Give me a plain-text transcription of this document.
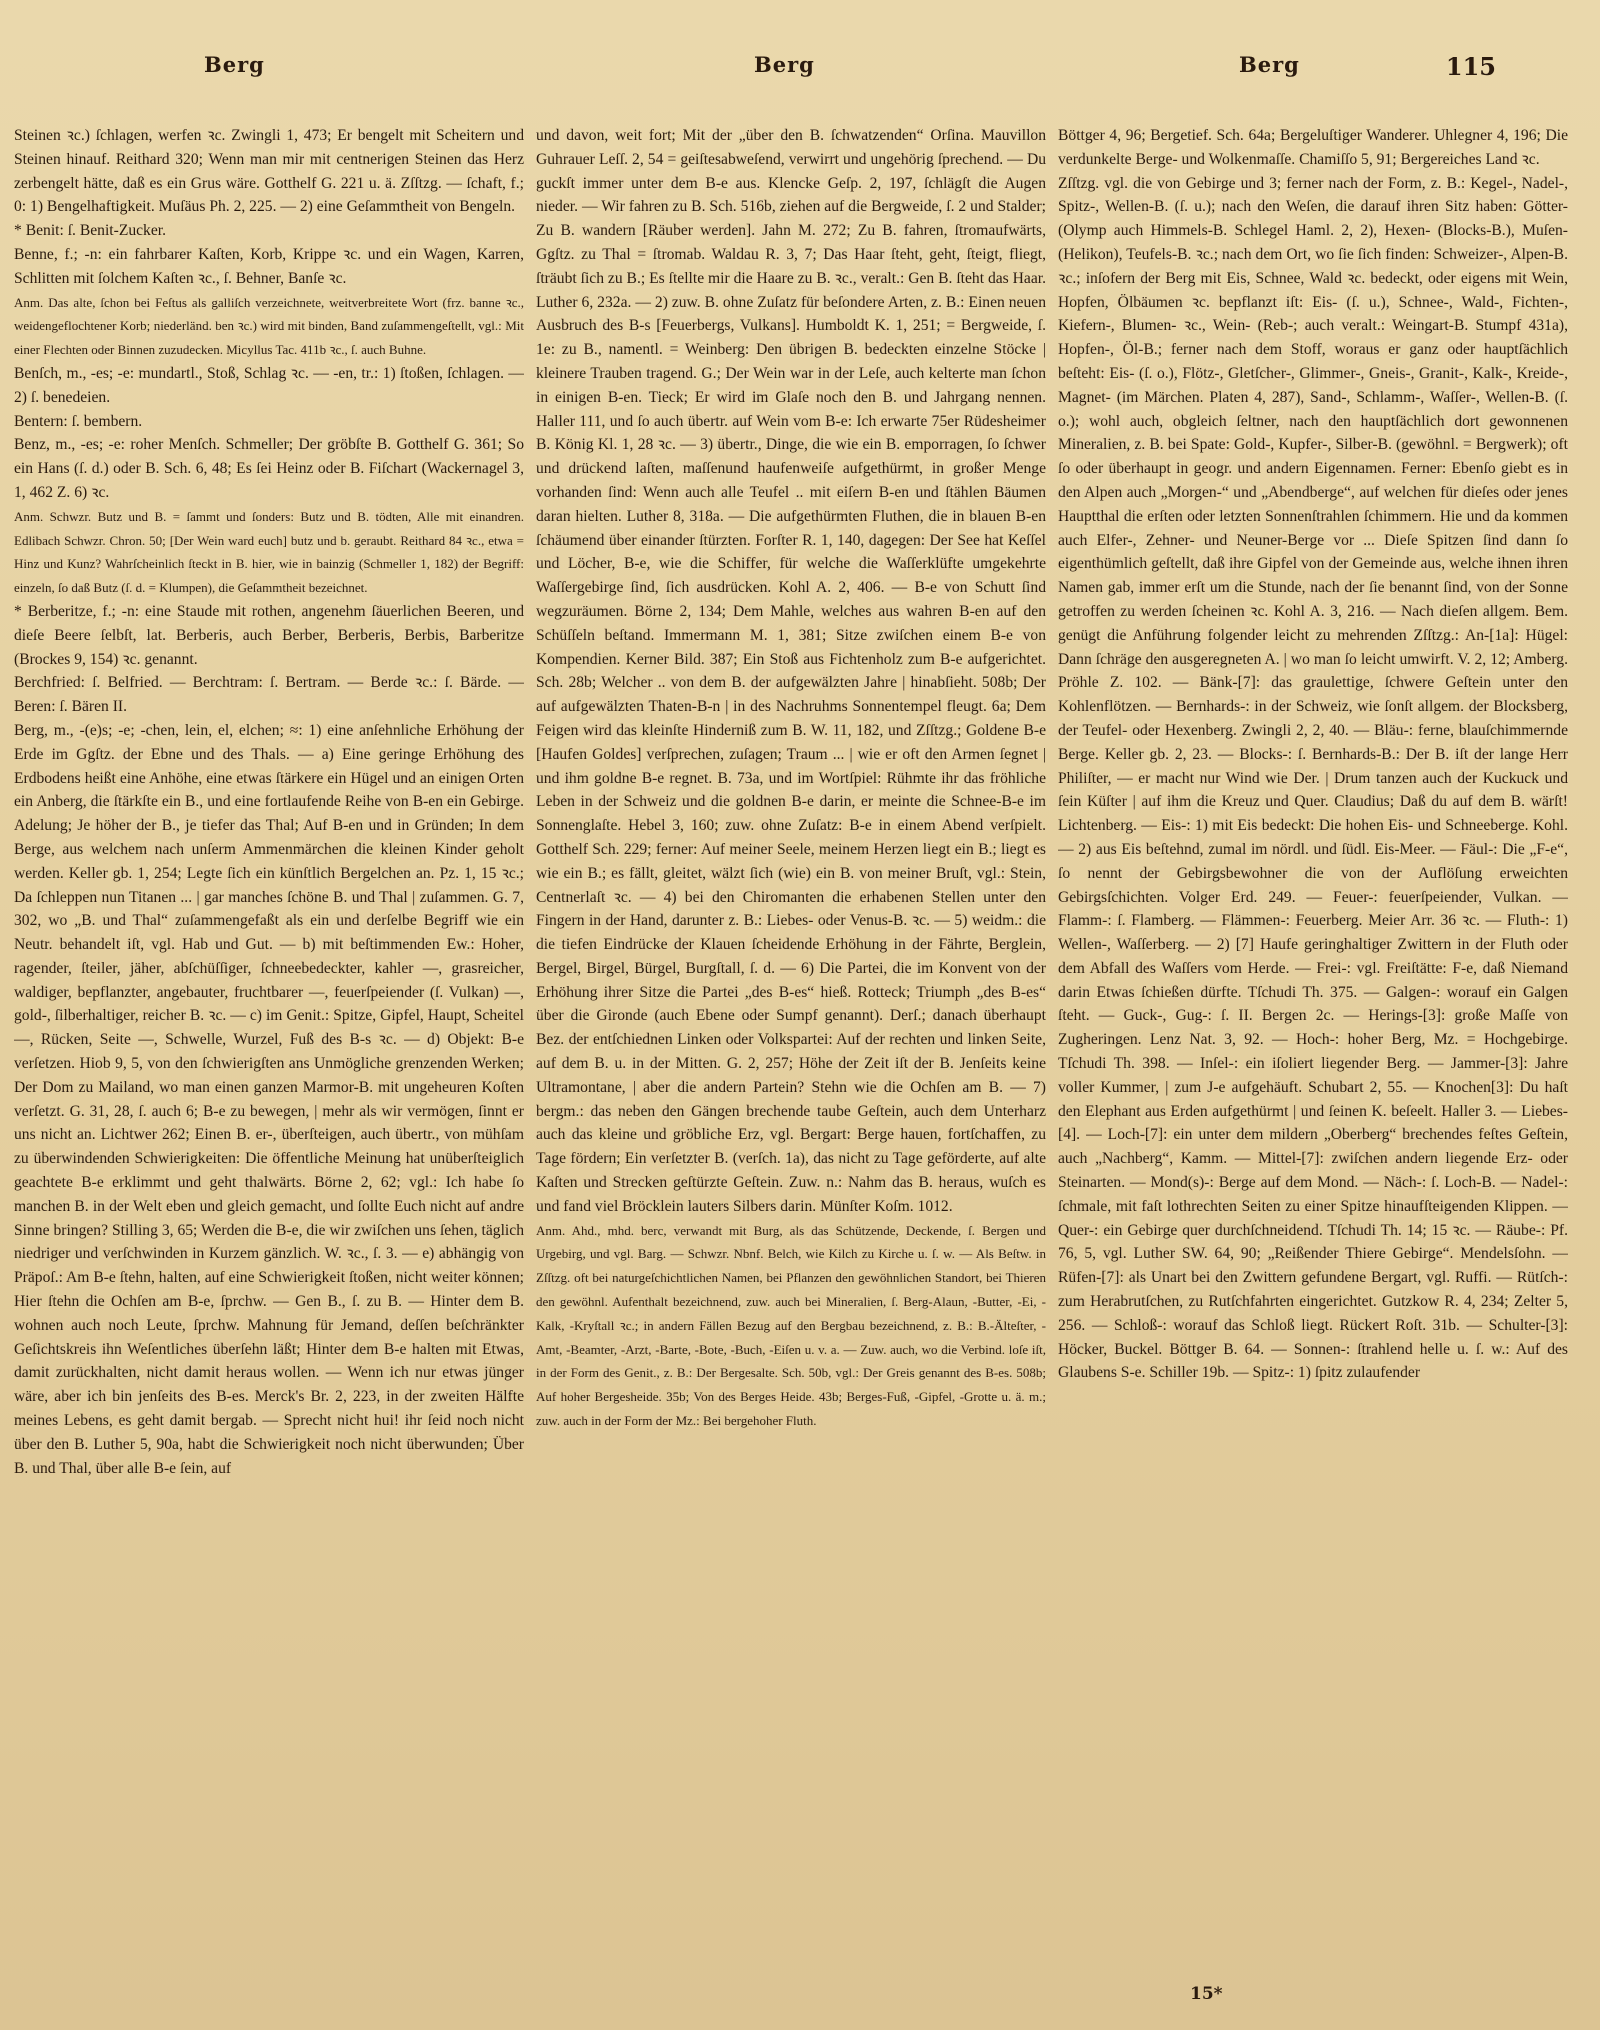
Berg	Berg	Berg	115

Steinen ꝛc.) ſchlagen, werfen ꝛc. Zwingli 1, 473; Er bengelt mit Scheitern und Steinen hinauf. Reithard 320; Wenn man mir mit centnerigen Steinen das Herz zerbengelt hätte, daß es ein Grus wäre. Gotthelf G. 221 u. ä. Zſſtzg. — ſchaft, f.; 0: 1) Bengelhaftigkeit. Muſäus Ph. 2, 225. — 2) eine Geſammtheit von Bengeln.

* Benit: ſ. Benit-Zucker.

Benne, f.; -n: ein fahrbarer Kaſten, Korb, Krippe ꝛc. und ein Wagen, Karren, Schlitten mit ſolchem Kaſten ꝛc., ſ. Behner, Banſe ꝛc.

Anm. Das alte, ſchon bei Feſtus als galliſch verzeichnete, weitverbreitete Wort (frz. banne ꝛc., weidengeflochtener Korb; niederländ. ben ꝛc.) wird mit binden, Band zuſammengeſtellt, vgl.: Mit einer Flechten oder Binnen zuzudecken. Micyllus Tac. 411b ꝛc., ſ. auch Buhne.

Benſch, m., -es; -e: mundartl., Stoß, Schlag ꝛc. — -en, tr.: 1) ſtoßen, ſchlagen. — 2) ſ. benedeien.

Bentern: ſ. bembern.

Benz, m., -es; -e: roher Menſch. Schmeller; Der gröbſte B. Gotthelf G. 361; So ein Hans (ſ. d.) oder B. Sch. 6, 48; Es ſei Heinz oder B. Fiſchart (Wackernagel 3, 1, 462 Z. 6) ꝛc.

Anm. Schwzr. Butz und B. = ſammt und ſonders: Butz und B. tödten, Alle mit einandren. Edlibach Schwzr. Chron. 50; [Der Wein ward euch] butz und b. geraubt. Reithard 84 ꝛc., etwa = Hinz und Kunz? Wahrſcheinlich ſteckt in B. hier, wie in bainzig (Schmeller 1, 182) der Begriff: einzeln, ſo daß Butz (ſ. d. = Klumpen), die Geſammtheit bezeichnet.

* Berberitze, f.; -n: eine Staude mit rothen, angenehm ſäuerlichen Beeren, und dieſe Beere ſelbſt, lat. Berberis, auch Berber, Berberis, Berbis, Barberitze (Brockes 9, 154) ꝛc. genannt.

Berchfried: ſ. Belfried. — Berchtram: ſ. Bertram. — Berde ꝛc.: ſ. Bärde. — Beren: ſ. Bären II.

Berg, m., -(e)s; -e; -chen, lein, el, elchen; ≈: 1) eine anſehnliche Erhöhung der Erde im Ggſtz. der Ebne und des Thals. — a) Eine geringe Erhöhung des Erdbodens heißt eine Anhöhe, eine etwas ſtärkere ein Hügel und an einigen Orten ein Anberg, die ſtärkſte ein B., und eine fortlaufende Reihe von B-en ein Gebirge. Adelung; Je höher der B., je tiefer das Thal; Auf B-en und in Gründen; In dem Berge, aus welchem nach unſerm Ammenmärchen die kleinen Kinder geholt werden. Keller gb. 1, 254; Legte ſich ein künſtlich Bergelchen an. Pz. 1, 15 ꝛc.; Da ſchleppen nun Titanen ... | gar manches ſchöne B. und Thal | zuſammen. G. 7, 302, wo „B. und Thal“ zuſammengefaßt als ein und derſelbe Begriff wie ein Neutr. behandelt iſt, vgl. Hab und Gut. — b) mit beſtimmenden Ew.: Hoher, ragender, ſteiler, jäher, abſchüſſiger, ſchneebedeckter, kahler —, grasreicher, waldiger, bepflanzter, angebauter, fruchtbarer —, feuerſpeiender (ſ. Vulkan) —, gold-, ſilberhaltiger, reicher B. ꝛc. — c) im Genit.: Spitze, Gipfel, Haupt, Scheitel —, Rücken, Seite —, Schwelle, Wurzel, Fuß des B-s ꝛc. — d) Objekt: B-e verſetzen. Hiob 9, 5, von den ſchwierigſten ans Unmögliche grenzenden Werken; Der Dom zu Mailand, wo man einen ganzen Marmor-B. mit ungeheuren Koſten verſetzt. G. 31, 28, ſ. auch 6; B-e zu bewegen, | mehr als wir vermögen, ſinnt er uns nicht an. Lichtwer 262; Einen B. er-, überſteigen, auch übertr., von mühſam zu überwindenden Schwierigkeiten: Die öffentliche Meinung hat unüberſteiglich geachtete B-e erklimmt und geht thalwärts. Börne 2, 62; vgl.: Ich habe ſo manchen B. in der Welt eben und gleich gemacht, und ſollte Euch nicht auf andre Sinne bringen? Stilling 3, 65; Werden die B-e, die wir zwiſchen uns ſehen, täglich niedriger und verſchwinden in Kurzem gänzlich. W. ꝛc., ſ. 3. — e) abhängig von Präpoſ.: Am B-e ſtehn, halten, auf eine Schwierigkeit ſtoßen, nicht weiter können; Hier ſtehn die Ochſen am B-e, ſprchw. — Gen B., ſ. zu B. — Hinter dem B. wohnen auch noch Leute, ſprchw. Mahnung für Jemand, deſſen beſchränkter Geſichtskreis ihn Weſentliches überſehn läßt; Hinter dem B-e halten mit Etwas, damit zurückhalten, nicht damit heraus wollen. — Wenn ich nur etwas jünger wäre, aber ich bin jenſeits des B-es. Merck's Br. 2, 223, in der zweiten Hälfte meines Lebens, es geht damit bergab. — Sprecht nicht hui! ihr ſeid noch nicht über den B. Luther 5, 90a, habt die Schwierigkeit noch nicht überwunden; Über B. und Thal, über alle B-e ſein, auf

und davon, weit fort; Mit der „über den B. ſchwatzenden“ Orſina. Mauvillon Guhrauer Leſſ. 2, 54 = geiſtesabweſend, verwirrt und ungehörig ſprechend. — Du guckſt immer unter dem B-e aus. Klencke Geſp. 2, 197, ſchlägſt die Augen nieder. — Wir fahren zu B. Sch. 516b, ziehen auf die Bergweide, ſ. 2 und Stalder; Zu B. wandern [Räuber werden]. Jahn M. 272; Zu B. fahren, ſtromaufwärts, Ggſtz. zu Thal = ſtromab. Waldau R. 3, 7; Das Haar ſteht, geht, ſteigt, fliegt, ſträubt ſich zu B.; Es ſtellte mir die Haare zu B. ꝛc., veralt.: Gen B. ſteht das Haar. Luther 6, 232a. — 2) zuw. B. ohne Zuſatz für beſondere Arten, z. B.: Einen neuen Ausbruch des B-s [Feuerbergs, Vulkans]. Humboldt K. 1, 251; = Bergweide, ſ. 1e: zu B., namentl. = Weinberg: Den übrigen B. bedeckten einzelne Stöcke | kleinere Trauben tragend. G.; Der Wein war in der Leſe, auch kelterte man ſchon in einigen B-en. Tieck; Er wird im Glaſe noch den B. und Jahrgang nennen. Haller 111, und ſo auch übertr. auf Wein vom B-e: Ich erwarte 75er Rüdesheimer B. König Kl. 1, 28 ꝛc. — 3) übertr., Dinge, die wie ein B. emporragen, ſo ſchwer und drückend laſten, maſſenund haufenweiſe aufgethürmt, in großer Menge vorhanden ſind: Wenn auch alle Teufel .. mit eiſern B-en und ſtählen Bäumen daran hielten. Luther 8, 318a. — Die aufgethürmten Fluthen, die in blauen B-en ſchäumend über einander ſtürzten. Forſter R. 1, 140, dagegen: Der See hat Keſſel und Löcher, B-e, wie die Schiffer, für welche die Waſſerklüfte umgekehrte Waſſergebirge ſind, ſich ausdrücken. Kohl A. 2, 406. — B-e von Schutt ſind wegzuräumen. Börne 2, 134; Dem Mahle, welches aus wahren B-en auf den Schüſſeln beſtand. Immermann M. 1, 381; Sitze zwiſchen einem B-e von Kompendien. Kerner Bild. 387; Ein Stoß aus Fichtenholz zum B-e aufgerichtet. Sch. 28b; Welcher .. von dem B. der aufgewälzten Jahre | hinabſieht. 508b; Der auf aufgewälzten Thaten-B-n | in des Nachruhms Sonnentempel fleugt. 6a; Dem Feigen wird das kleinſte Hinderniß zum B. W. 11, 182, und Zſſtzg.; Goldene B-e [Haufen Goldes] verſprechen, zuſagen; Traum ... | wie er oft den Armen ſegnet | und ihm goldne B-e regnet. B. 73a, und im Wortſpiel: Rühmte ihr das fröhliche Leben in der Schweiz und die goldnen B-e darin, er meinte die Schnee-B-e im Sonnenglaſte. Hebel 3, 160; zuw. ohne Zuſatz: B-e in einem Abend verſpielt. Gotthelf Sch. 229; ferner: Auf meiner Seele, meinem Herzen liegt ein B.; liegt es wie ein B.; es fällt, gleitet, wälzt ſich (wie) ein B. von meiner Bruſt, vgl.: Stein, Centnerlaſt ꝛc. — 4) bei den Chiromanten die erhabenen Stellen unter den Fingern in der Hand, darunter z. B.: Liebes- oder Venus-B. ꝛc. — 5) weidm.: die die tiefen Eindrücke der Klauen ſcheidende Erhöhung in der Fährte, Berglein, Bergel, Birgel, Bürgel, Burgſtall, ſ. d. — 6) Die Partei, die im Konvent von der Erhöhung ihrer Sitze die Partei „des B-es“ hieß. Rotteck; Triumph „des B-es“ über die Gironde (auch Ebene oder Sumpf genannt). Derſ.; danach überhaupt Bez. der entſchiednen Linken oder Volkspartei: Auf der rechten und linken Seite, auf dem B. u. in der Mitten. G. 2, 257; Höhe der Zeit iſt der B. Jenſeits keine Ultramontane, | aber die andern Partein? Stehn wie die Ochſen am B. — 7) bergm.: das neben den Gängen brechende taube Geſtein, auch dem Unterharz auch das kleine und gröbliche Erz, vgl. Bergart: Berge hauen, fortſchaffen, zu Tage fördern; Ein verſetzter B. (verſch. 1a), das nicht zu Tage geförderte, auf alte Kaſten und Strecken geſtürzte Geſtein. Zuw. n.: Nahm das B. heraus, wuſch es und fand viel Bröcklein lauters Silbers darin. Münſter Koſm. 1012.

Anm. Ahd., mhd. berc, verwandt mit Burg, als das Schützende, Deckende, ſ. Bergen und Urgebirg, und vgl. Barg. — Schwzr. Nbnf. Belch, wie Kilch zu Kirche u. ſ. w. — Als Beſtw. in Zſſtzg. oft bei naturgeſchichtlichen Namen, bei Pflanzen den gewöhnlichen Standort, bei Thieren den gewöhnl. Aufenthalt bezeichnend, zuw. auch bei Mineralien, ſ. Berg-Alaun, -Butter, -Ei, -Kalk, -Kryſtall ꝛc.; in andern Fällen Bezug auf den Bergbau bezeichnend, z. B.: B.-Älteſter, -Amt, -Beamter, -Arzt, -Barte, -Bote, -Buch, -Eiſen u. v. a. — Zuw. auch, wo die Verbind. loſe iſt, in der Form des Genit., z. B.: Der Bergesalte. Sch. 50b, vgl.: Der Greis genannt des B-es. 508b; Auf hoher Bergesheide. 35b; Von des Berges Heide. 43b; Berges-Fuß, -Gipfel, -Grotte u. ä. m.; zuw. auch in der Form der Mz.: Bei bergehoher Fluth.

Böttger 4, 96; Bergetief. Sch. 64a; Bergeluſtiger Wanderer. Uhlegner 4, 196; Die verdunkelte Berge- und Wolkenmaſſe. Chamiſſo 5, 91; Bergereiches Land ꝛc.

Zſſtzg. vgl. die von Gebirge und 3; ferner nach der Form, z. B.: Kegel-, Nadel-, Spitz-, Wellen-B. (ſ. u.); nach den Weſen, die darauf ihren Sitz haben: Götter- (Olymp auch Himmels-B. Schlegel Haml. 2, 2), Hexen- (Blocks-B.), Muſen- (Helikon), Teufels-B. ꝛc.; nach dem Ort, wo ſie ſich finden: Schweizer-, Alpen-B. ꝛc.; inſofern der Berg mit Eis, Schnee, Wald ꝛc. bedeckt, oder eigens mit Wein, Hopfen, Ölbäumen ꝛc. bepflanzt iſt: Eis- (ſ. u.), Schnee-, Wald-, Fichten-, Kiefern-, Blumen- ꝛc., Wein- (Reb-; auch veralt.: Weingart-B. Stumpf 431a), Hopfen-, Öl-B.; ferner nach dem Stoff, woraus er ganz oder hauptſächlich beſteht: Eis- (ſ. o.), Flötz-, Gletſcher-, Glimmer-, Gneis-, Granit-, Kalk-, Kreide-, Magnet- (im Märchen. Platen 4, 287), Sand-, Schlamm-, Waſſer-, Wellen-B. (ſ. o.); wohl auch, obgleich ſeltner, nach den hauptſächlich dort gewonnenen Mineralien, z. B. bei Spate: Gold-, Kupfer-, Silber-B. (gewöhnl. = Bergwerk); oft ſo oder überhaupt in geogr. und andern Eigennamen. Ferner: Ebenſo giebt es in den Alpen auch „Morgen-“ und „Abendberge“, auf welchen für dieſes oder jenes Hauptthal die erſten oder letzten Sonnenſtrahlen ſchimmern. Hie und da kommen auch Elfer-, Zehner- und Neuner-Berge vor ... Dieſe Spitzen ſind dann ſo eigenthümlich geſtellt, daß ihre Gipfel von der Gemeinde aus, welche ihnen ihren Namen gab, immer erſt um die Stunde, nach der ſie benannt ſind, von der Sonne getroffen zu werden ſcheinen ꝛc. Kohl A. 3, 216. — Nach dieſen allgem. Bem. genügt die Anführung folgender leicht zu mehrenden Zſſtzg.: An-[1a]: Hügel: Dann ſchräge den ausgeregneten A. | wo man ſo leicht umwirft. V. 2, 12; Amberg. Pröhle Z. 102. — Bänk-[7]: das graulettige, ſchwere Geſtein unter den Kohlenflötzen. — Bernhards-: in der Schweiz, wie ſonſt allgem. der Blocksberg, der Teufel- oder Hexenberg. Zwingli 2, 2, 40. — Bläu-: ferne, blauſchimmernde Berge. Keller gb. 2, 23. — Blocks-: ſ. Bernhards-B.: Der B. iſt der lange Herr Philiſter, — er macht nur Wind wie Der. | Drum tanzen auch der Kuckuck und ſein Küſter | auf ihm die Kreuz und Quer. Claudius; Daß du auf dem B. wärſt! Lichtenberg. — Eis-: 1) mit Eis bedeckt: Die hohen Eis- und Schneeberge. Kohl. — 2) aus Eis beſtehnd, zumal im nördl. und ſüdl. Eis-Meer. — Fäul-: Die „F-e“, ſo nennt der Gebirgsbewohner die von der Auflöſung erweichten Gebirgsſchichten. Volger Erd. 249. — Feuer-: feuerſpeiender, Vulkan. — Flamm-: ſ. Flamberg. — Flämmen-: Feuerberg. Meier Arr. 36 ꝛc. — Fluth-: 1) Wellen-, Waſſerberg. — 2) [7] Haufe geringhaltiger Zwittern in der Fluth oder dem Abfall des Waſſers vom Herde. — Frei-: vgl. Freiſtätte: F-e, daß Niemand darin Etwas ſchießen dürfte. Tſchudi Th. 375. — Galgen-: worauf ein Galgen ſteht. — Guck-, Gug-: ſ. II. Bergen 2c. — Herings-[3]: große Maſſe von Zugheringen. Lenz Nat. 3, 92. — Hoch-: hoher Berg, Mz. = Hochgebirge. Tſchudi Th. 398. — Inſel-: ein iſoliert liegender Berg. — Jammer-[3]: Jahre voller Kummer, | zum J-e aufgehäuft. Schubart 2, 55. — Knochen[3]: Du haſt den Elephant aus Erden aufgethürmt | und ſeinen K. beſeelt. Haller 3. — Liebes-[4]. — Loch-[7]: ein unter dem mildern „Oberberg“ brechendes feſtes Geſtein, auch „Nachberg“, Kamm. — Mittel-[7]: zwiſchen andern liegende Erz- oder Steinarten. — Mond(s)-: Berge auf dem Mond. — Näch-: ſ. Loch-B. — Nadel-: ſchmale, mit faſt lothrechten Seiten zu einer Spitze hinaufſteigenden Klippen. — Quer-: ein Gebirge quer durchſchneidend. Tſchudi Th. 14; 15 ꝛc. — Räube-: Pf. 76, 5, vgl. Luther SW. 64, 90; „Reißender Thiere Gebirge“. Mendelsſohn. — Rüfen-[7]: als Unart bei den Zwittern gefundene Bergart, vgl. Ruffi. — Rütſch-: zum Herabrutſchen, zu Rutſchfahrten eingerichtet. Gutzkow R. 4, 234; Zelter 5, 256. — Schloß-: worauf das Schloß liegt. Rückert Roſt. 31b. — Schulter-[3]: Höcker, Buckel. Böttger B. 64. — Sonnen-: ſtrahlend helle u. ſ. w.: Auf des Glaubens S-e. Schiller 19b. — Spitz-: 1) ſpitz zulaufender

15*
